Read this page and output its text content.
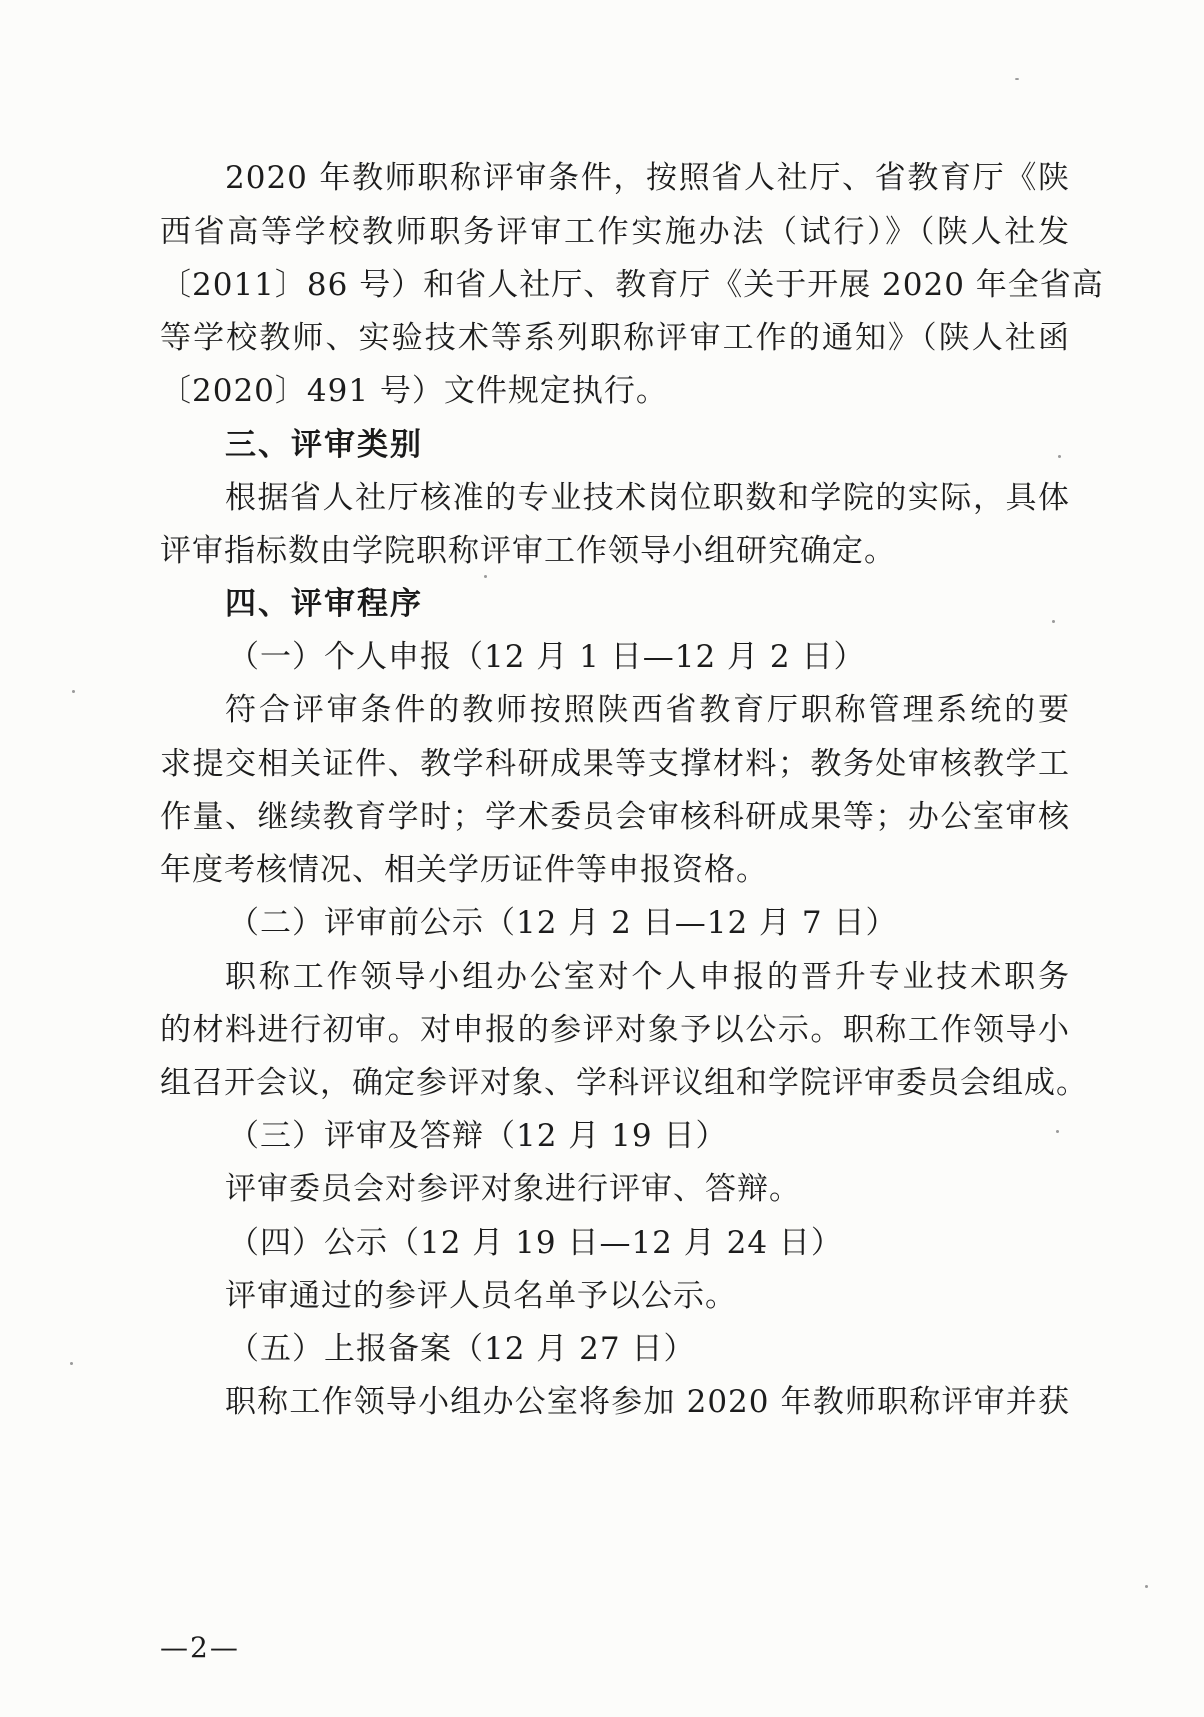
2020 年教师职称评审条件，按照省人社厅、省教育厅《陕
西省高等学校教师职务评审工作实施办法（试行）》（陕人社发
〔2011〕86 号）和省人社厅、教育厅《关于开展 2020 年全省高
等学校教师、实验技术等系列职称评审工作的通知》（陕人社函
〔2020〕491 号）文件规定执行。
三、评审类别
根据省人社厅核准的专业技术岗位职数和学院的实际，具体
评审指标数由学院职称评审工作领导小组研究确定。
四、评审程序
（一）个人申报（12 月 1 日—12 月 2 日）
符合评审条件的教师按照陕西省教育厅职称管理系统的要
求提交相关证件、教学科研成果等支撑材料；教务处审核教学工
作量、继续教育学时；学术委员会审核科研成果等；办公室审核
年度考核情况、相关学历证件等申报资格。
（二）评审前公示（12 月 2 日—12 月 7 日）
职称工作领导小组办公室对个人申报的晋升专业技术职务
的材料进行初审。对申报的参评对象予以公示。职称工作领导小
组召开会议，确定参评对象、学科评议组和学院评审委员会组成。
（三）评审及答辩（12 月 19 日）
评审委员会对参评对象进行评审、答辩。
（四）公示（12 月 19 日—12 月 24 日）
评审通过的参评人员名单予以公示。
（五）上报备案（12 月 27 日）
职称工作领导小组办公室将参加 2020 年教师职称评审并获
—2—
